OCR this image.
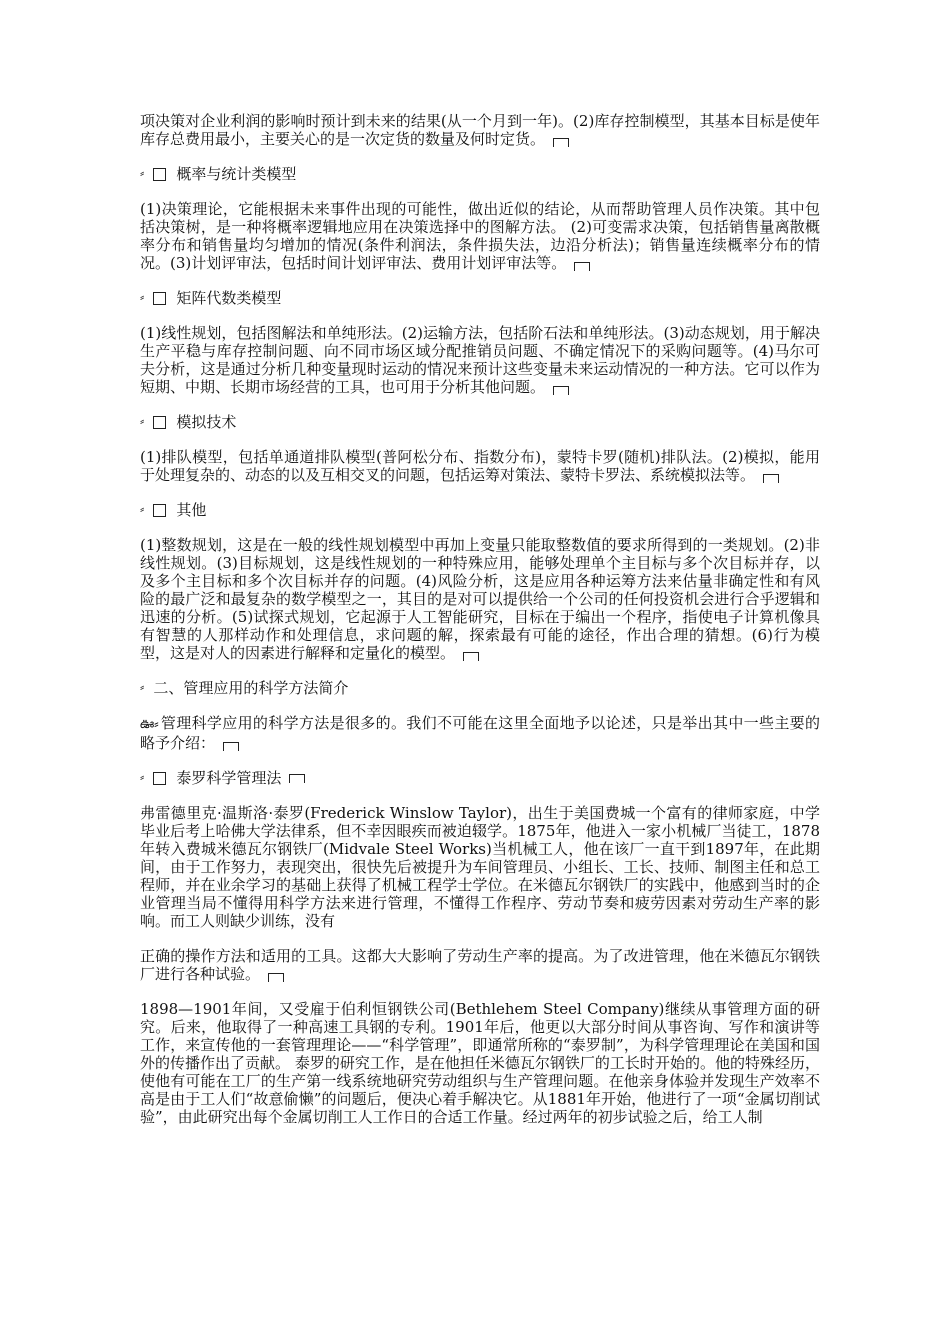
项决策对企业利润的影响时预计到未来的结果(从一个月到一年)。(2)库存控制模型，其基本目标是使年库存总费用最小，主要关心的是一次定货的数量及何时定货。

⸗ 概率与统计类模型

(1)决策理论，它能根据未来事件出现的可能性，做出近似的结论，从而帮助管理人员作决策。其中包括决策树，是一种将概率逻辑地应用在决策选择中的图解方法。 (2)可变需求决策，包括销售量离散概率分布和销售量均匀增加的情况(条件利润法，条件损失法，边沿分析法)；销售量连续概率分布的情况。(3)计划评审法，包括时间计划评审法、费用计划评审法等。

⸗ 矩阵代数类模型

(1)线性规划，包括图解法和单纯形法。(2)运输方法，包括阶石法和单纯形法。(3)动态规划，用于解决生产平稳与库存控制问题、向不同市场区域分配推销员问题、不确定情况下的采购问题等。(4)马尔可夫分析，这是通过分析几种变量现时运动的情况来预计这些变量未来运动情况的一种方法。它可以作为短期、中期、长期市场经营的工具，也可用于分析其他问题。

⸗ 模拟技术

(1)排队模型，包括单通道排队模型(普阿松分布、指数分布)，蒙特卡罗(随机)排队法。(2)模拟，能用于处理复杂的、动态的以及互相交叉的问题，包括运筹对策法、蒙特卡罗法、系统模拟法等。

⸗ 其他

(1)整数规划，这是在一般的线性规划模型中再加上变量只能取整数值的要求所得到的一类规划。(2)非线性规划。(3)目标规划，这是线性规划的一种特殊应用，能够处理单个主目标与多个次目标并存，以及多个主目标和多个次目标并存的问题。(4)风险分析，这是应用各种运筹方法来估量非确定性和有风险的最广泛和最复杂的数学模型之一，其目的是对可以提供给一个公司的任何投资机会进行合乎逻辑和迅速的分析。(5)试探式规划，它起源于人工智能研究，目标在于编出一个程序，指使电子计算机像具有智慧的人那样动作和处理信息，求问题的解，探索最有可能的途径，作出合理的猜想。(6)行为模型，这是对人的因素进行解释和定量化的模型。

⸗ 二、管理应用的科学方法简介

ఊ⸗ 管理科学应用的科学方法是很多的。我们不可能在这里全面地予以论述，只是举出其中一些主要的略予介绍：

⸗ 泰罗科学管理法

弗雷德里克·温斯洛·泰罗(Frederick Winslow Taylor)，出生于美国费城一个富有的律师家庭，中学毕业后考上哈佛大学法律系，但不幸因眼疾而被迫辍学。1875年，他进入一家小机械厂当徒工，1878年转入费城米德瓦尔钢铁厂(Midvale Steel Works)当机械工人，他在该厂一直干到1897年，在此期间，由于工作努力，表现突出，很快先后被提升为车间管理员、小组长、工长、技师、制图主任和总工程师，并在业余学习的基础上获得了机械工程学士学位。在米德瓦尔钢铁厂的实践中，他感到当时的企业管理当局不懂得用科学方法来进行管理，不懂得工作程序、劳动节奏和疲劳因素对劳动生产率的影响。而工人则缺少训练，没有

正确的操作方法和适用的工具。这都大大影响了劳动生产率的提高。为了改进管理，他在米德瓦尔钢铁厂进行各种试验。

1898—1901年间，又受雇于伯利恒钢铁公司(Bethlehem Steel Company)继续从事管理方面的研究。后来，他取得了一种高速工具钢的专利。1901年后，他更以大部分时间从事咨询、写作和演讲等工作，来宣传他的一套管理理论——“科学管理”，即通常所称的“泰罗制”，为科学管理理论在美国和国外的传播作出了贡献。 泰罗的研究工作，是在他担任米德瓦尔钢铁厂的工长时开始的。他的特殊经历，使他有可能在工厂的生产第一线系统地研究劳动组织与生产管理问题。在他亲身体验并发现生产效率不高是由于工人们“故意偷懒”的问题后，便决心着手解决它。从1881年开始，他进行了一项“金属切削试验”，由此研究出每个金属切削工人工作日的合适工作量。经过两年的初步试验之后，给工人制
